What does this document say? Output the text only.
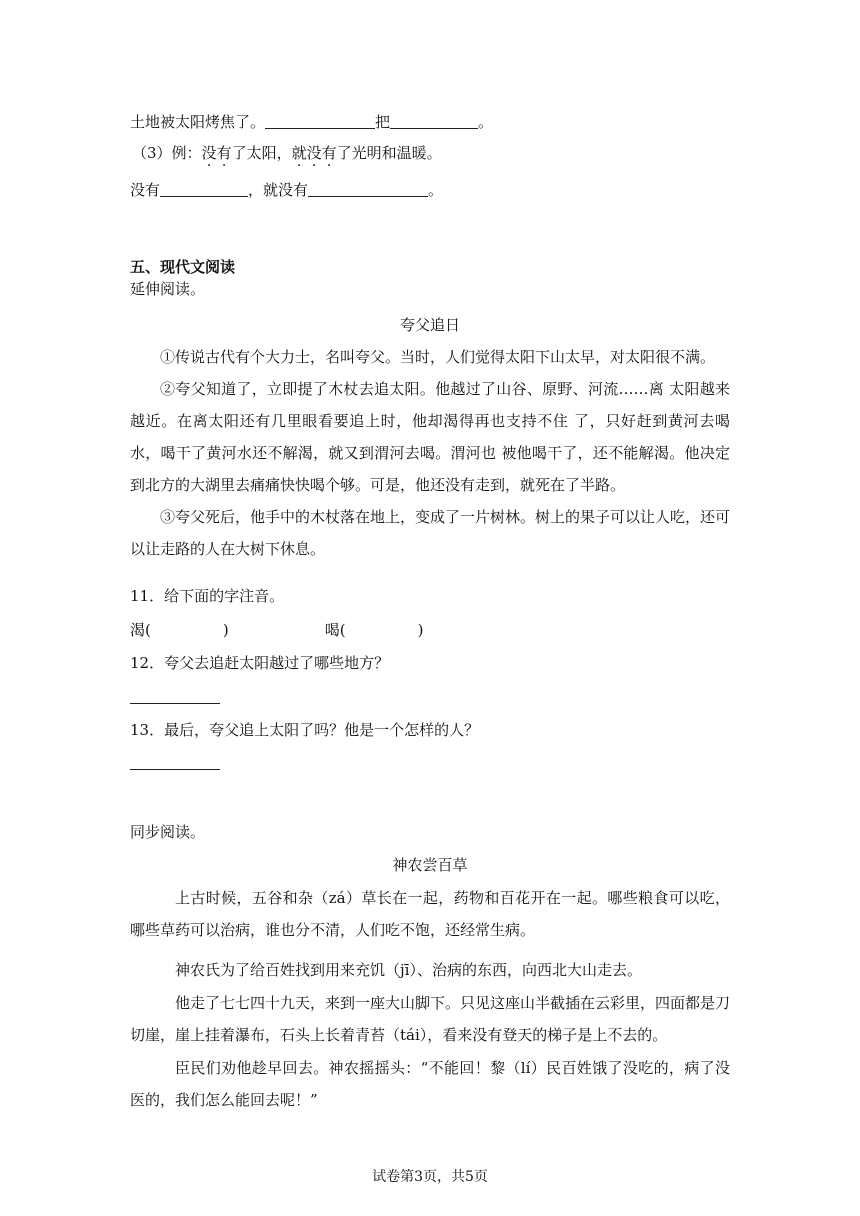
土地被太阳烤焦了。	把	。
（3）例：没有了太阳，就没有了光明和温暖。
没有	，就没有	。
五、现代文阅读
延伸阅读。
夸父追日
①传说古代有个大力士，名叫夸父。当时，人们觉得太阳下山太早，对太阳很不满。
②夸父知道了，立即提了木杖去追太阳。他越过了山谷、原野、河流……离 太阳越来越近。在离太阳还有几里眼看要追上时，他却渴得再也支持不住 了，只好赶到黄河去喝水，喝干了黄河水还不解渴，就又到渭河去喝。渭河也 被他喝干了，还不能解渴。他决定到北方的大湖里去痛痛快快喝个够。可是，他还没有走到，就死在了半路。
③夸父死后，他手中的木杖落在地上，变成了一片树林。树上的果子可以让人吃，还可以让走路的人在大树下休息。
11．给下面的字注音。
渴(	)	喝(	)
12．夸父去追赶太阳越过了哪些地方？
13．最后，夸父追上太阳了吗？他是一个怎样的人？
同步阅读。
神农尝百草
上古时候，五谷和杂（zá）草长在一起，药物和百花开在一起。哪些粮食可以吃，哪些草药可以治病，谁也分不清，人们吃不饱，还经常生病。
神农氏为了给百姓找到用来充饥（jī）、治病的东西，向西北大山走去。
他走了七七四十九天，来到一座大山脚下。只见这座山半截插在云彩里，四面都是刀切崖，崖上挂着瀑布，石头上长着青苔（tái），看来没有登天的梯子是上不去的。
臣民们劝他趁早回去。神农摇摇头：“不能回！黎（lí）民百姓饿了没吃的，病了没医的，我们怎么能回去呢！”
试卷第3页，共5页
